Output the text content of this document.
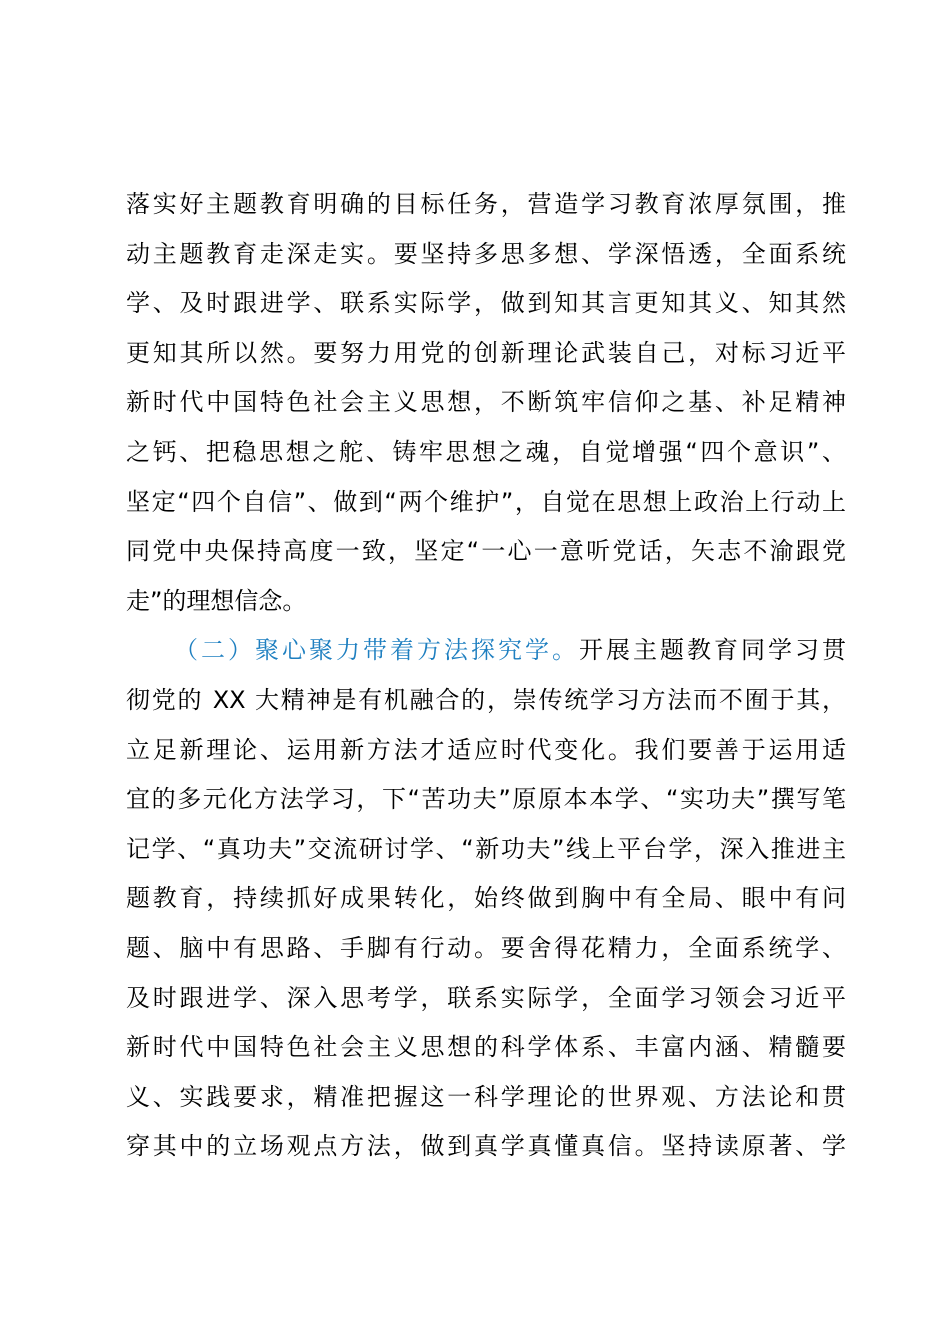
落实好主题教育明确的目标任务，营造学习教育浓厚氛围，推
动主题教育走深走实。要坚持多思多想、学深悟透，全面系统
学、及时跟进学、联系实际学，做到知其言更知其义、知其然
更知其所以然。要努力用党的创新理论武装自己，对标习近平
新时代中国特色社会主义思想，不断筑牢信仰之基、补足精神
之钙、把稳思想之舵、铸牢思想之魂，自觉增强“四个意识”、
坚定“四个自信”、做到“两个维护”，自觉在思想上政治上行动上
同党中央保持高度一致，坚定“一心一意听党话，矢志不渝跟党
走”的理想信念。
（二）聚心聚力带着方法探究学。开展主题教育同学习贯
彻党的 XX 大精神是有机融合的，崇传统学习方法而不囿于其，
立足新理论、运用新方法才适应时代变化。我们要善于运用适
宜的多元化方法学习，下“苦功夫”原原本本学、“实功夫”撰写笔
记学、“真功夫”交流研讨学、“新功夫”线上平台学，深入推进主
题教育，持续抓好成果转化，始终做到胸中有全局、眼中有问
题、脑中有思路、手脚有行动。要舍得花精力，全面系统学、
及时跟进学、深入思考学，联系实际学，全面学习领会习近平
新时代中国特色社会主义思想的科学体系、丰富内涵、精髓要
义、实践要求，精准把握这一科学理论的世界观、方法论和贯
穿其中的立场观点方法，做到真学真懂真信。坚持读原著、学
